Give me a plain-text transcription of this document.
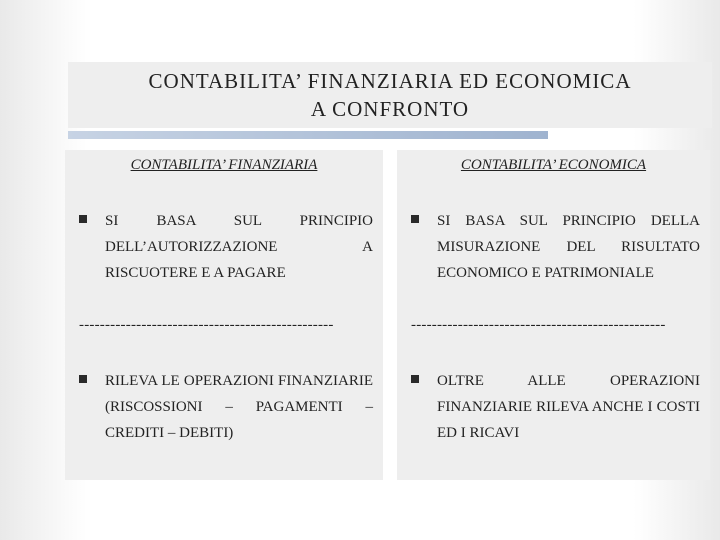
CONTABILITA’ FINANZIARIA ED ECONOMICA
A CONFRONTO
CONTABILITA’ FINANZIARIA
SI BASA SUL PRINCIPIO DELL’AUTORIZZAZIONE A RISCUOTERE E A PAGARE
-------------------------------------------------
RILEVA LE OPERAZIONI FINANZIARIE (RISCOSSIONI – PAGAMENTI – CREDITI – DEBITI)
CONTABILITA’ ECONOMICA
SI BASA SUL PRINCIPIO DELLA MISURAZIONE DEL RISULTATO ECONOMICO E PATRIMONIALE
-------------------------------------------------
OLTRE ALLE OPERAZIONI FINANZIARIE RILEVA ANCHE I COSTI ED I RICAVI
